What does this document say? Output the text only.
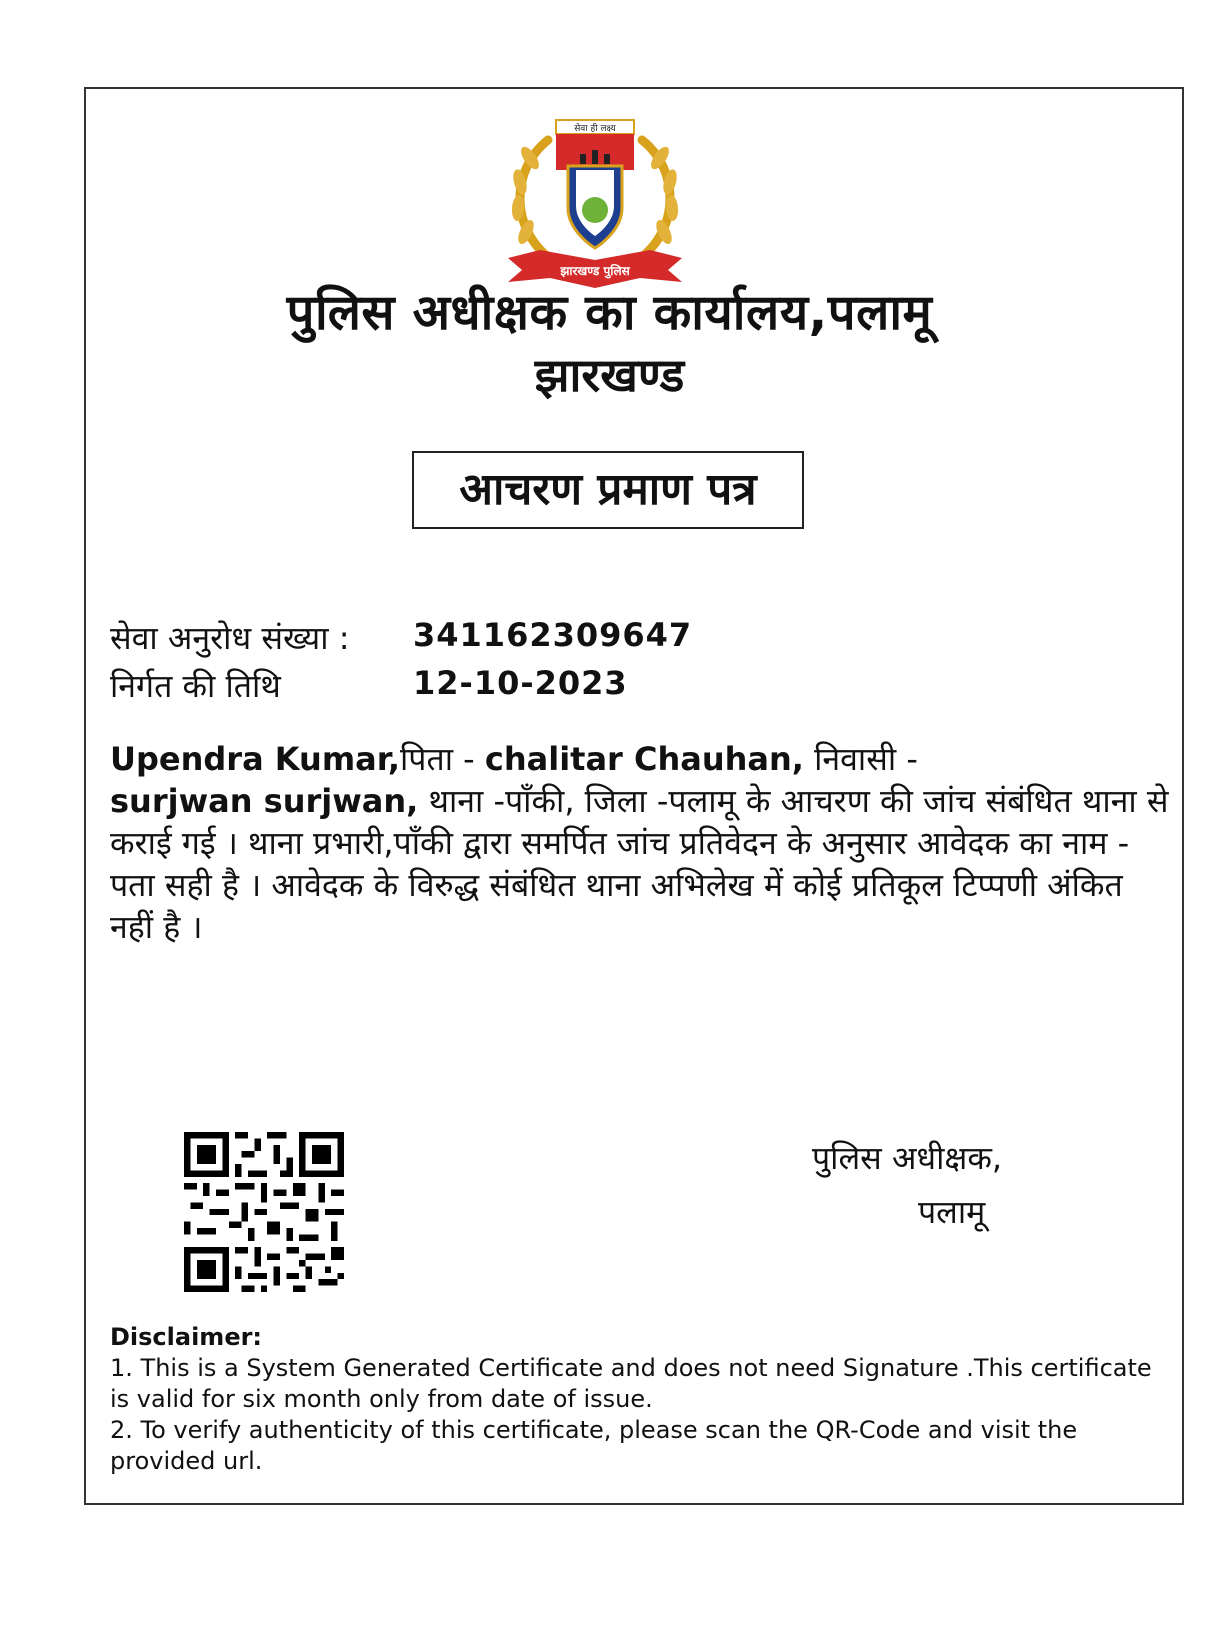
सेवा ही लक्ष्य
झारखण्ड पुलिस
पुलिस अधीक्षक का कार्यालय,पलामू
झारखण्ड
आचरण प्रमाण पत्र
सेवा अनुरोध संख्या : 341162309647
निर्गत की तिथि	12-10-2023
Upendra Kumar,पिता - chalitar Chauhan, निवासी -
surjwan surjwan, थाना -पाँकी, जिला -पलामू के आचरण की जांच संबंधित थाना से कराई गई । थाना प्रभारी,पाँकी द्वारा समर्पित जांच प्रतिवेदन के अनुसार आवेदक का नाम - पता सही है । आवेदक के विरुद्ध संबंधित थाना अभिलेख में कोई प्रतिकूल टिप्पणी अंकित नहीं है ।
पुलिस अधीक्षक,
पलामू
Disclaimer:
1. This is a System Generated Certificate and does not need Signature .This certificate is valid for six month only from date of issue.
2. To verify authenticity of this certificate, please scan the QR-Code and visit the provided url.
